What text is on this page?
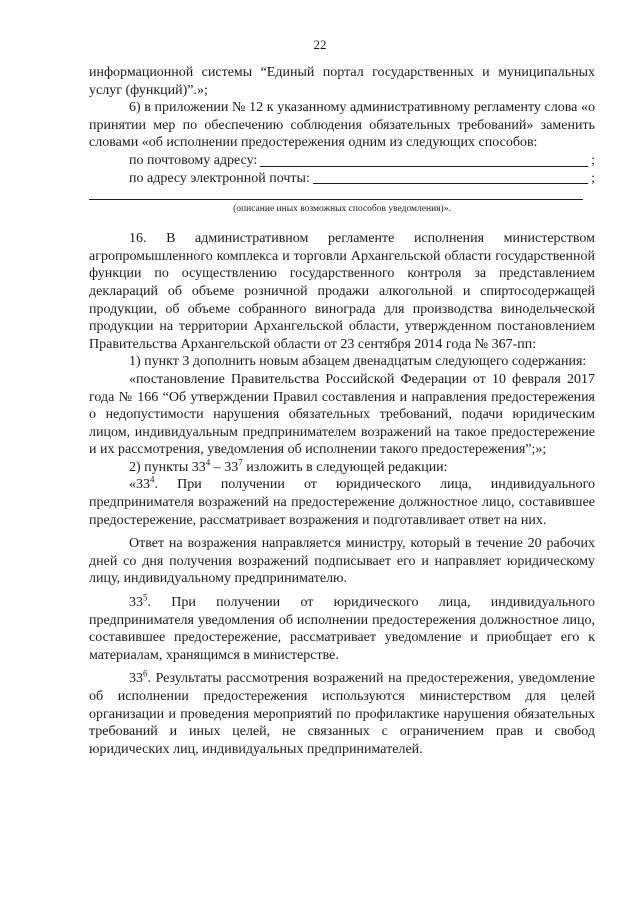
22

информационной системы “Единый портал государственных и муниципальных услуг (функций)”.»;

6) в приложении № 12 к указанному административному регламенту слова «о принятии мер по обеспечению соблюдения обязательных требований» заменить словами «об исполнении предостережения одним из следующих способов:

по почтовому адресу:	;
по адресу электронной почты:	;
(описание иных возможных способов уведомления)».

16. В административном регламенте исполнения министерством агропромышленного комплекса и торговли Архангельской области государственной функции по осуществлению государственного контроля за представлением деклараций об объеме розничной продажи алкогольной и спиртосодержащей продукции, об объеме собранного винограда для производства винодельческой продукции на территории Архангельской области, утвержденном постановлением Правительства Архангельской области от 23 сентября 2014 года № 367-пп:

1) пункт 3 дополнить новым абзацем двенадцатым следующего содержания:

«постановление Правительства Российской Федерации от 10 февраля 2017 года № 166 “Об утверждении Правил составления и направления предостережения о недопустимости нарушения обязательных требований, подачи юридическим лицом, индивидуальным предпринимателем возражений на такое предостережение и их рассмотрения, уведомления об исполнении такого предостережения”;»;

2) пункты $33^4 - 33^7$ изложить в следующей редакции:

«$33^4$. При получении от юридического лица, индивидуального предпринимателя возражений на предостережение должностное лицо, составившее предостережение, рассматривает возражения и подготавливает ответ на них.

Ответ на возражения направляется министру, который в течение 20 рабочих дней со дня получения возражений подписывает его и направляет юридическому лицу, индивидуальному предпринимателю.

$33^5$. При получении от юридического лица, индивидуального предпринимателя уведомления об исполнении предостережения должностное лицо, составившее предостережение, рассматривает уведомление и приобщает его к материалам, хранящимся в министерстве.

$33^6$. Результаты рассмотрения возражений на предостережения, уведомление об исполнении предостережения используются министерством для целей организации и проведения мероприятий по профилактике нарушения обязательных требований и иных целей, не связанных с ограничением прав и свобод юридических лиц, индивидуальных предпринимателей.
